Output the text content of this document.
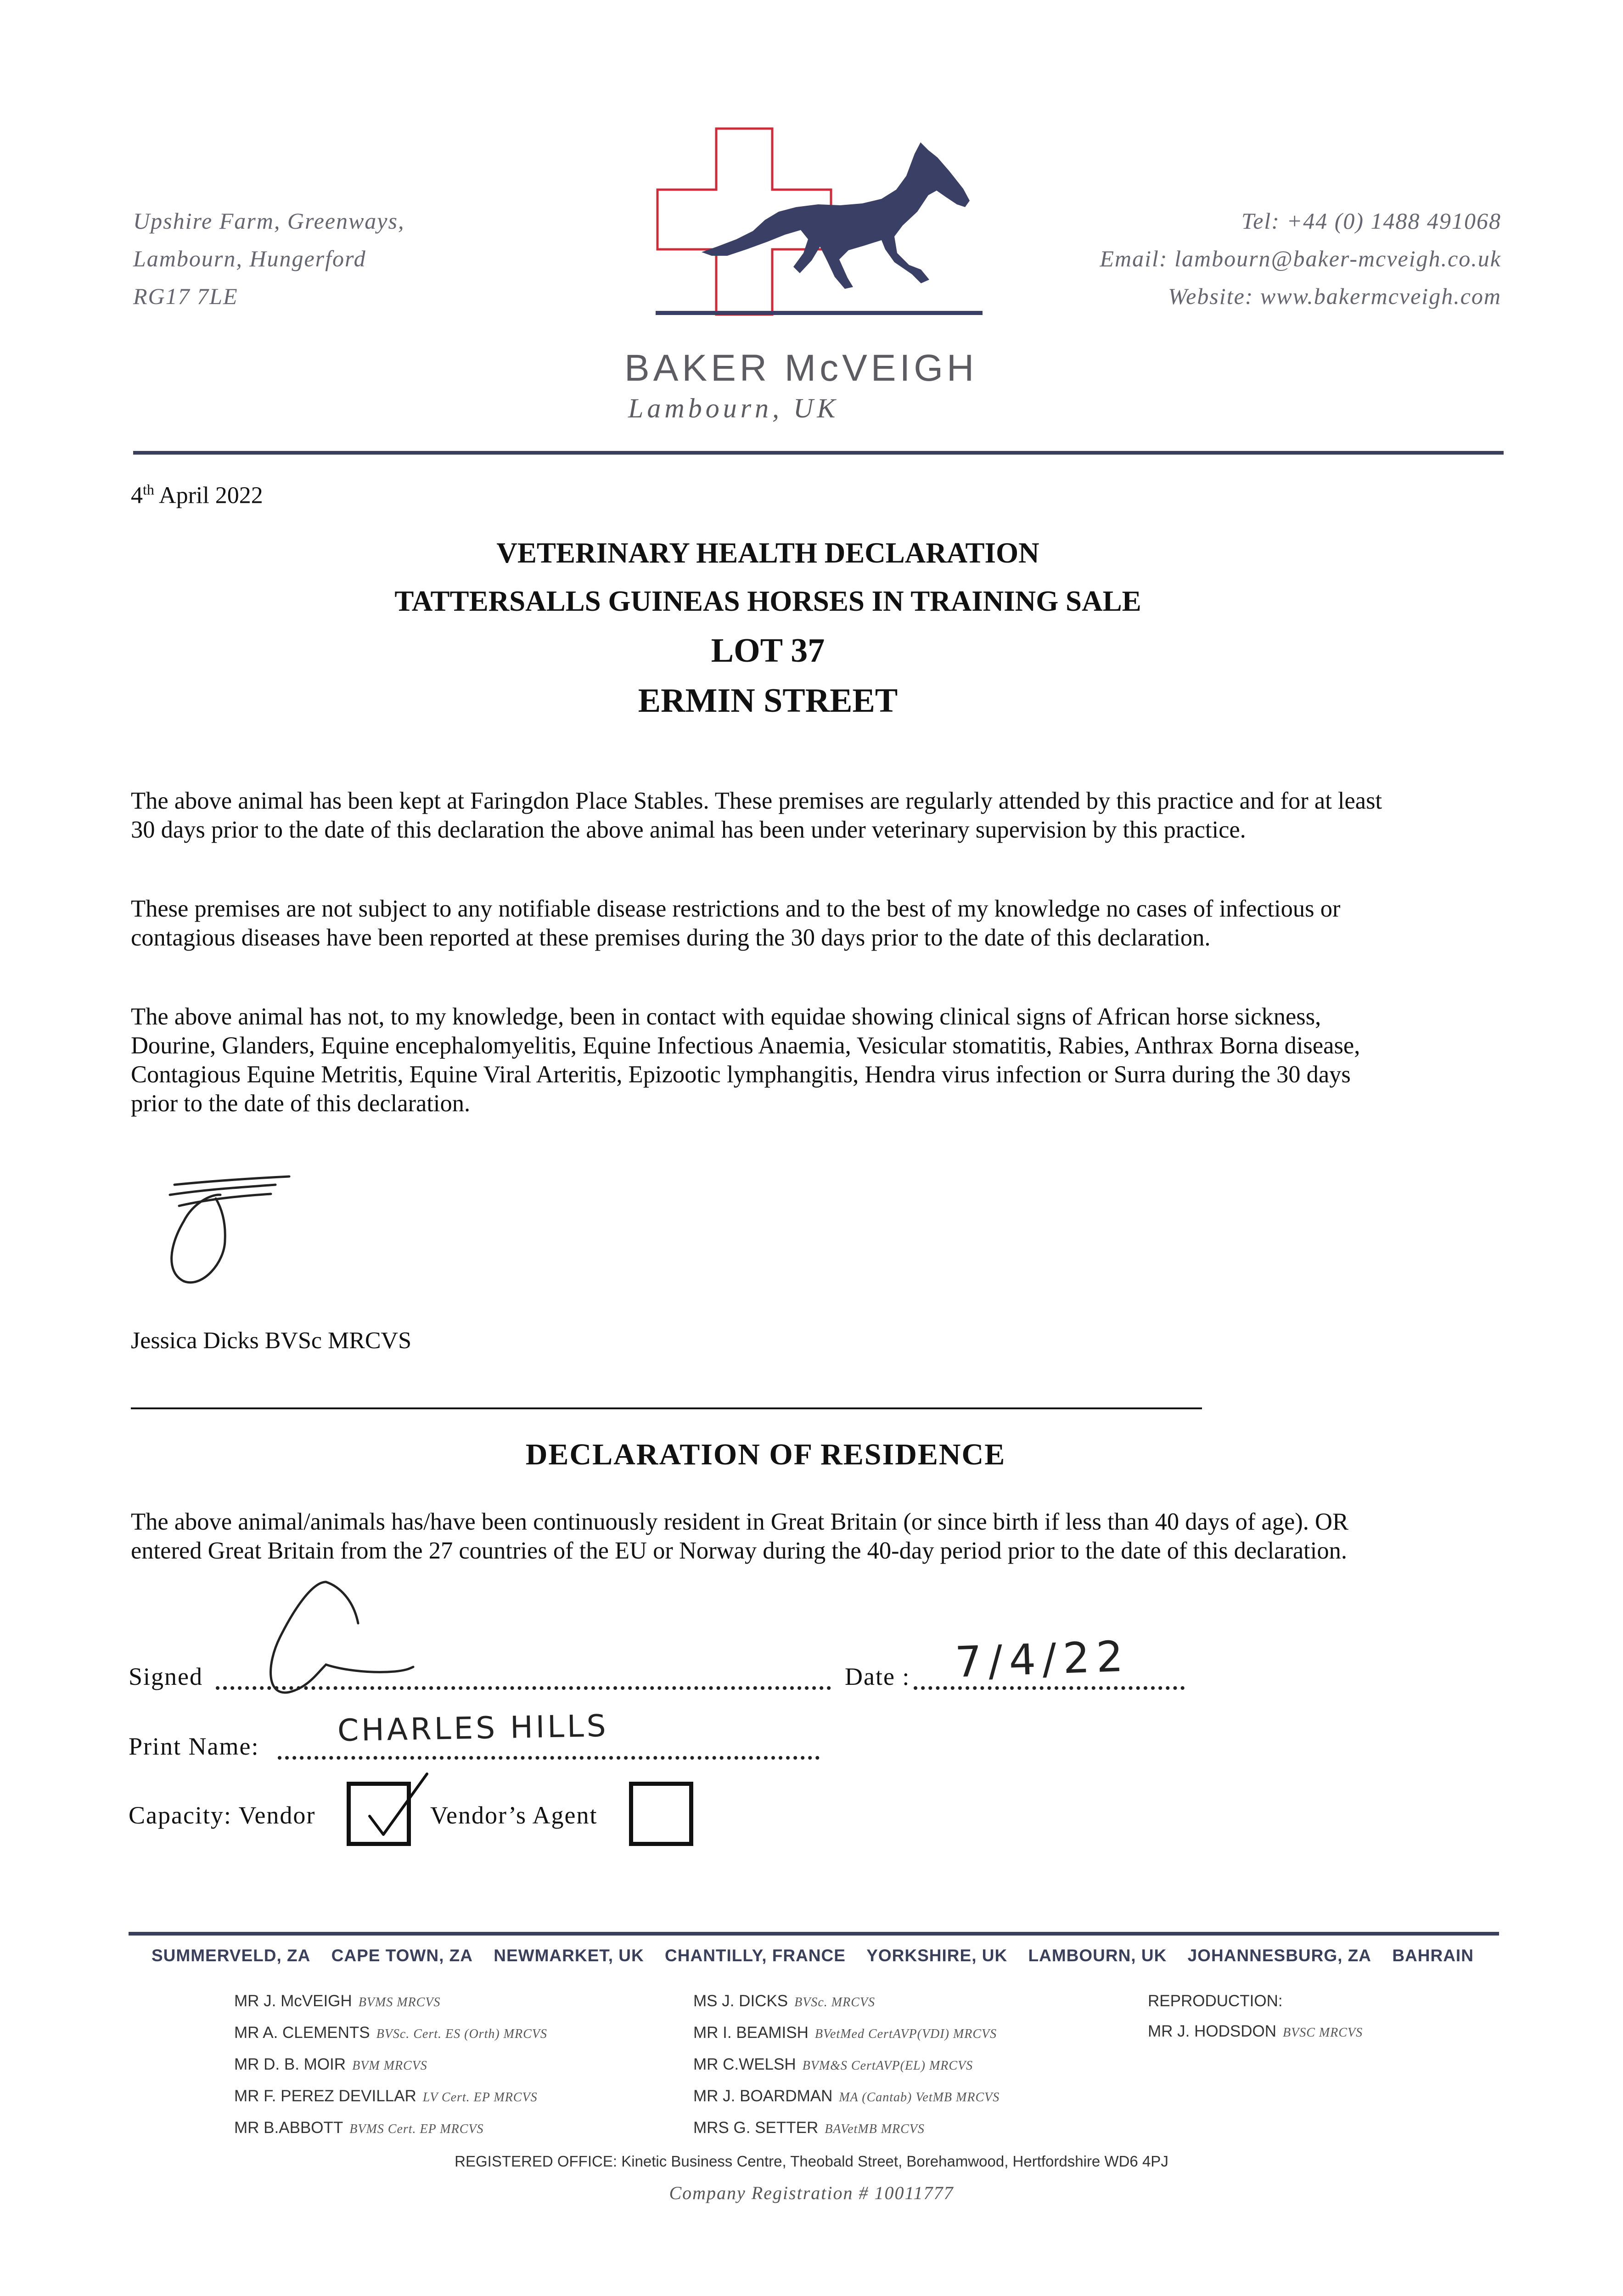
Upshire Farm, Greenways,
Lambourn, Hungerford
RG17 7LE
BAKER McVEIGH
Lambourn, UK
Tel: +44 (0) 1488 491068
Email: lambourn@baker-mcveigh.co.uk
Website: www.bakermcveigh.com
4th April 2022
VETERINARY HEALTH DECLARATION
TATTERSALLS GUINEAS HORSES IN TRAINING SALE
LOT 37
ERMIN STREET
The above animal has been kept at Faringdon Place Stables. These premises are regularly attended by this practice and for at least 30 days prior to the date of this declaration the above animal has been under veterinary supervision by this practice.
These premises are not subject to any notifiable disease restrictions and to the best of my knowledge no cases of infectious or contagious diseases have been reported at these premises during the 30 days prior to the date of this declaration.
The above animal has not, to my knowledge, been in contact with equidae showing clinical signs of African horse sickness, Dourine, Glanders, Equine encephalomyelitis, Equine Infectious Anaemia, Vesicular stomatitis, Rabies, Anthrax Borna disease, Contagious Equine Metritis, Equine Viral Arteritis, Epizootic lymphangitis, Hendra virus infection or Surra during the 30 days prior to the date of this declaration.
Jessica Dicks BVSc MRCVS
DECLARATION OF RESIDENCE
The above animal/animals has/have been continuously resident in Great Britain (or since birth if less than 40 days of age). OR entered Great Britain from the 27 countries of the EU or Norway during the 40-day period prior to the date of this declaration.
Signed	Date : 7/4/22
Print Name:	CHARLES HILLS
Capacity: Vendor	Vendor’s Agent
SUMMERVELD, ZA CAPE TOWN, ZA NEWMARKET, UK CHANTILLY, FRANCE YORKSHIRE, UK LAMBOURN, UK JOHANNESBURG, ZA BAHRAIN
MR J. McVEIGH BVMS MRCVS
MR A. CLEMENTS BVSc. Cert. ES (Orth) MRCVS
MR D. B. MOIR BVM MRCVS
MR F. PEREZ DEVILLAR LV Cert. EP MRCVS
MR B.ABBOTT BVMS Cert. EP MRCVS
MS J. DICKS BVSc. MRCVS
MR I. BEAMISH BVetMed CertAVP(VDI) MRCVS
MR C.WELSH BVM&S CertAVP(EL) MRCVS
MR J. BOARDMAN MA (Cantab) VetMB MRCVS
MRS G. SETTER BAVetMB MRCVS
REPRODUCTION:
MR J. HODSDON BVSC MRCVS
REGISTERED OFFICE: Kinetic Business Centre, Theobald Street, Borehamwood, Hertfordshire WD6 4PJ
Company Registration # 10011777
